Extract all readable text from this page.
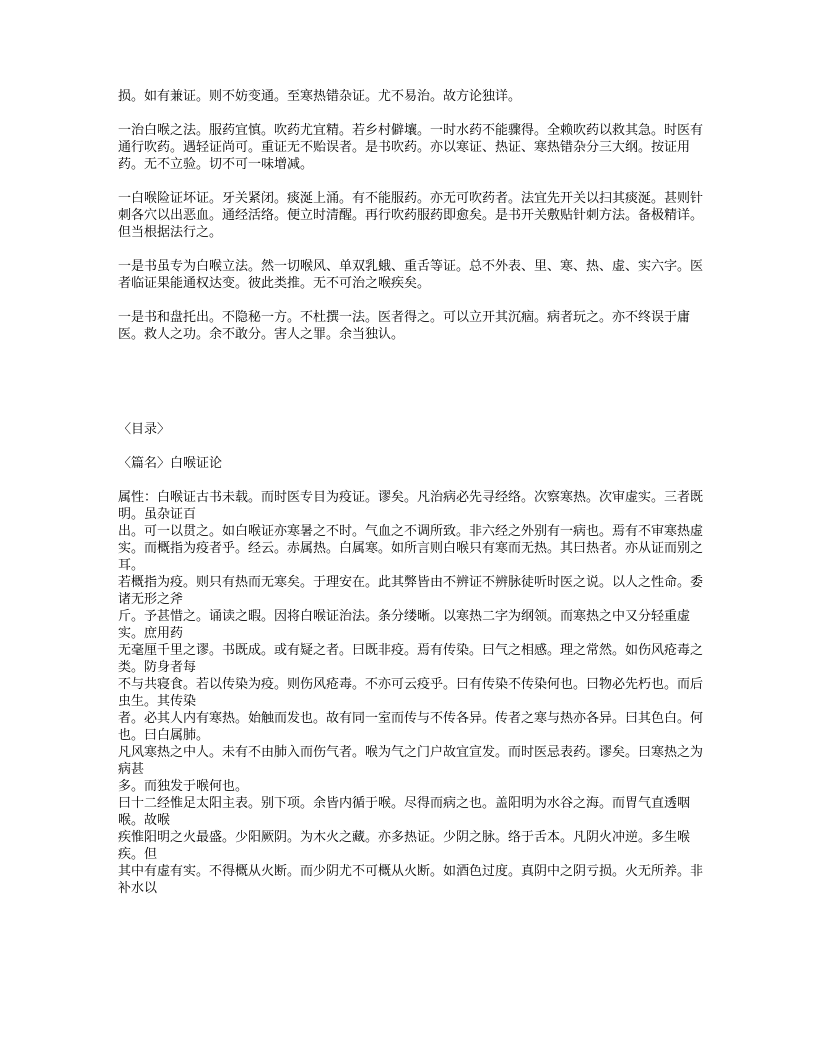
损。如有兼证。则不妨变通。至寒热错杂证。尤不易治。故方论独详。
一治白喉之法。服药宜慎。吹药尤宜精。若乡村僻壤。一时水药不能骤得。全赖吹药以救其急。时医有通行吹药。遇轻证尚可。重证无不贻误者。是书吹药。亦以寒证、热证、寒热错杂分三大纲。按证用药。无不立验。切不可一味增减。
一白喉险证坏证。牙关紧闭。痰涎上涌。有不能服药。亦无可吹药者。法宜先开关以扫其痰涎。甚则针刺各穴以出恶血。通经活络。便立时清醒。再行吹药服药即愈矣。是书开关敷贴针刺方法。备极精详。但当根据法行之。
一是书虽专为白喉立法。然一切喉风、单双乳蛾、重舌等证。总不外表、里、寒、热、虚、实六字。医者临证果能通权达变。彼此类推。无不可治之喉疾矣。
一是书和盘托出。不隐秘一方。不杜撰一法。医者得之。可以立开其沉痼。病者玩之。亦不终误于庸医。救人之功。余不敢分。害人之罪。余当独认。
〈目录〉
〈篇名〉白喉证论
属性：白喉证古书未载。而时医专目为疫证。谬矣。凡治病必先寻经络。次察寒热。次审虚实。三者既明。虽杂证百
出。可一以贯之。如白喉证亦寒暑之不时。气血之不调所致。非六经之外别有一病也。焉有不审寒热虚
实。而概指为疫者乎。经云。赤属热。白属寒。如所言则白喉只有寒而无热。其曰热者。亦从证而别之耳。
若概指为疫。则只有热而无寒矣。于理安在。此其弊皆由不辨证不辨脉徒听时医之说。以人之性命。委诸无形之斧
斤。予甚惜之。诵读之暇。因将白喉证治法。条分缕晰。以寒热二字为纲领。而寒热之中又分轻重虚实。庶用药
无毫厘千里之谬。书既成。或有疑之者。曰既非疫。焉有传染。曰气之相感。理之常然。如伤风疮毒之类。防身者每
不与共寝食。若以传染为疫。则伤风疮毒。不亦可云疫乎。曰有传染不传染何也。曰物必先朽也。而后虫生。其传染
者。必其人内有寒热。始触而发也。故有同一室而传与不传各异。传者之寒与热亦各异。曰其色白。何也。曰白属肺。
凡风寒热之中人。未有不由肺入而伤气者。喉为气之门户故宜宣发。而时医忌表药。谬矣。曰寒热之为病甚
多。而独发于喉何也。
曰十二经惟足太阳主表。别下项。余皆内循于喉。尽得而病之也。盖阳明为水谷之海。而胃气直透咽喉。故喉
疾惟阳明之火最盛。少阳厥阴。为木火之藏。亦多热证。少阴之脉。络于舌本。凡阴火冲逆。多生喉疾。但
其中有虚有实。不得概从火断。而少阴尤不可概从火断。如酒色过度。真阴中之阴亏损。火无所养。非补水以
